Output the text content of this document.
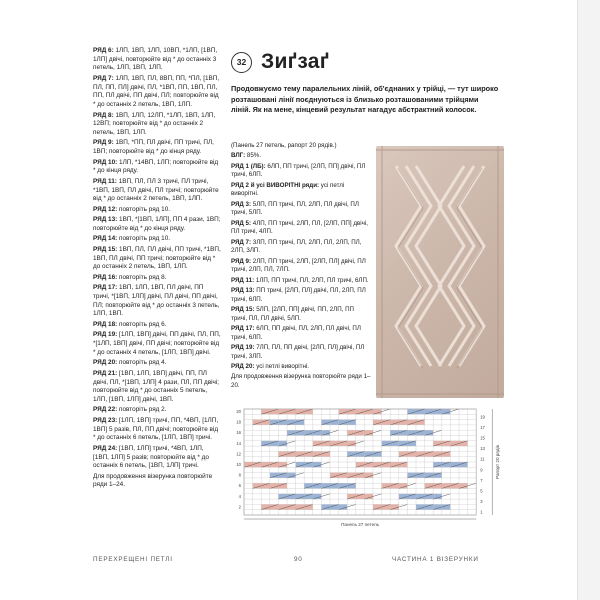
РЯД 6: 1ЛП, 1ВП, 1ЛП, 10ВП, *1ЛП, [1ВП, 1ЛП] двічі, повторюйте від * до останніх 3 петель, 1ЛП, 1ВП, 1ЛП.

РЯД 7: 1ЛП, 1ВП, ПЛ, 8ВП, ПП, *ПЛ, [1ВП, ПЛ, ПП, ПЛ] двічі, ПЛ, *1ВП, ПП, 1ВП, ПЛ, ПП, ПЛ двічі, ПП двічі, ПЛ; повторюйте від * до останніх 2 петель, 1ВП, 1ЛП.

РЯД 8: 1ВП, 1ЛП, 12ЛП, *1ЛП, 1ВП, 1ЛП, 12ВП; повторюйте від * до останніх 2 петель, 1ВП, 1ЛП.

РЯД 9: 1ВП, *ПП, ПЛ двічі, ПП тричі, ПЛ, 1ВП; повторюйте від * до кінця ряду.

РЯД 10: 1ЛП, *14ВП, 1ЛП; повторюйте від * до кінця ряду.

РЯД 11: 1ВП, ПЛ, ПЛ 3 тричі, ПЛ тричі, *1ВП, 1ВП, ПЛ двічі, ПЛ тричі; повторюйте від * до останніх 2 петель, 1ВП, 1ЛП.

РЯД 12: повторіть ряд 10.

РЯД 13: 1ВП, *[1ВП, 1ЛП], ПП 4 рази, 1ВП; повторюйте від * до кінця ряду.

РЯД 14: повторіть ряд 10.

РЯД 15: 1ВП, ПЛ, ПЛ двічі, ПП тричі, *1ВП, 1ВП, ПЛ двічі, ПП тричі; повторюйте від * до останніх 2 петель, 1ВП, 1ЛП.

РЯД 16: повторіть ряд 8.

РЯД 17: 1ВП, 1ЛП, 1ВП, ПЛ двічі, ПП тричі, *[1ВП, 1ЛП] двічі, ПЛ двічі, ПП двічі, ПЛ; повторюйте від * до останніх 3 петель, 1ЛП, 1ВП.

РЯД 18: повторіть ряд 6.

РЯД 19: [1ЛП, 1ВП] двічі, ПП двічі, ПЛ, ПП, *[1ЛП, 1ВП] двічі, ПП двічі; повторюйте від * до останніх 4 петель, [1ЛП, 1ВП] двічі.

РЯД 20: повторіть ряд 4.

РЯД 21: [1ВП, 1ЛП, 1ВП] двічі, ПП, ПЛ двічі, ПЛ, *[1ВП, 1ЛП] 4 рази, ПЛ, ПП двічі; повторюйте від * до останніх 5 петель, 1ЛП, [1ВП, 1ЛП] двічі, 1ВП.

РЯД 22: повторіть ряд 2.

РЯД 23: [1ЛП, 1ВП] тричі, ПП, *4ВП, [1ЛП, 1ВП] 5 разів, ПЛ, ПП двічі; повторюйте від * до останніх 6 петель, [1ЛП, 1ВП] тричі.

РЯД 24: [1ВП, 1ЛП] тричі, *4ВП, 1ЛП, [1ВП, 1ЛП] 5 разів; повторюйте від * до останніх 6 петель, [1ВП, 1ЛП] тричі.

Для продовження візерунка повторюйте ряди 1–24.

32 Зиґзаґ

Продовжуємо тему паралельних ліній, об'єднаних у трійці, — тут широко розташовані лінії поєднуються із близько розташованими трійцями ліній. Як на мене, кінцевий результат нагадує абстрактний колосок.

(Панель 27 петель, рапорт 20 рядів.)

ВЛГ: 85%.

РЯД 1 (ЛБ): 6ЛП, ПП тричі, [2ЛП, ПП] двічі, ПЛ тричі, 6ЛП.

РЯД 2 й усі ВИВОРІТНІ ряди: усі петлі вивоpітні.

РЯД 3: 5ЛП, ПП тричі, ПЛ, 2ЛП, ПЛ двічі, ПЛ тричі, 5ЛП.

РЯД 5: 4ЛП, ПП тричі, 2ЛП, ПЛ, [2ЛП, ПП] двічі, ПЛ тричі, 4ЛП.

РЯД 7: 3ЛП, ПП тричі, ПЛ, 2ЛП, ПЛ, 2ЛП, ПЛ, 2ЛП, 3ЛП.

РЯД 9: 2ЛП, ПП тричі, 2ЛП, [2ЛП, ПЛ] двічі, ПЛ тричі, 2ЛП, ПЛ, 7ЛП.

РЯД 11: 1ЛП, ПП тричі, ПЛ, 2ЛП, ПЛ тричі, 6ЛП.

РЯД 13: ПП тричі, [2ЛП, ПЛ] двічі, ПЛ, 2ЛП, ПЛ тричі, 6ЛП.

РЯД 15: 5ЛП, [2ЛП, ПП] двічі, ПП, 2ЛП, ПП тричі, ПЛ, ПЛ двічі, 5ЛП.

РЯД 17: 6ЛП, ПП двічі, ПЛ, 2ЛП, ПЛ двічі, ПЛ тричі, 6ЛП.

РЯД 19: 7ЛП, ПЛ, ПП двічі, [2ЛП, ПЛ] двічі, ПЛ тричі, 3ЛП.

РЯД 20: усі петлі вивоpітні.

Для продовження візерунка повторюйте ряди 1–20.

20
18
16
14
12
10
8
6
4
2
19
17
15
13
11
9
7
5
3
1
Панель 27 петель
Рапорт 20 рядів
ПЕРЕХРЕЩЕНІ ПЕТЛІ	90	ЧАСТИНА 1 ВІЗЕРУНКИ
